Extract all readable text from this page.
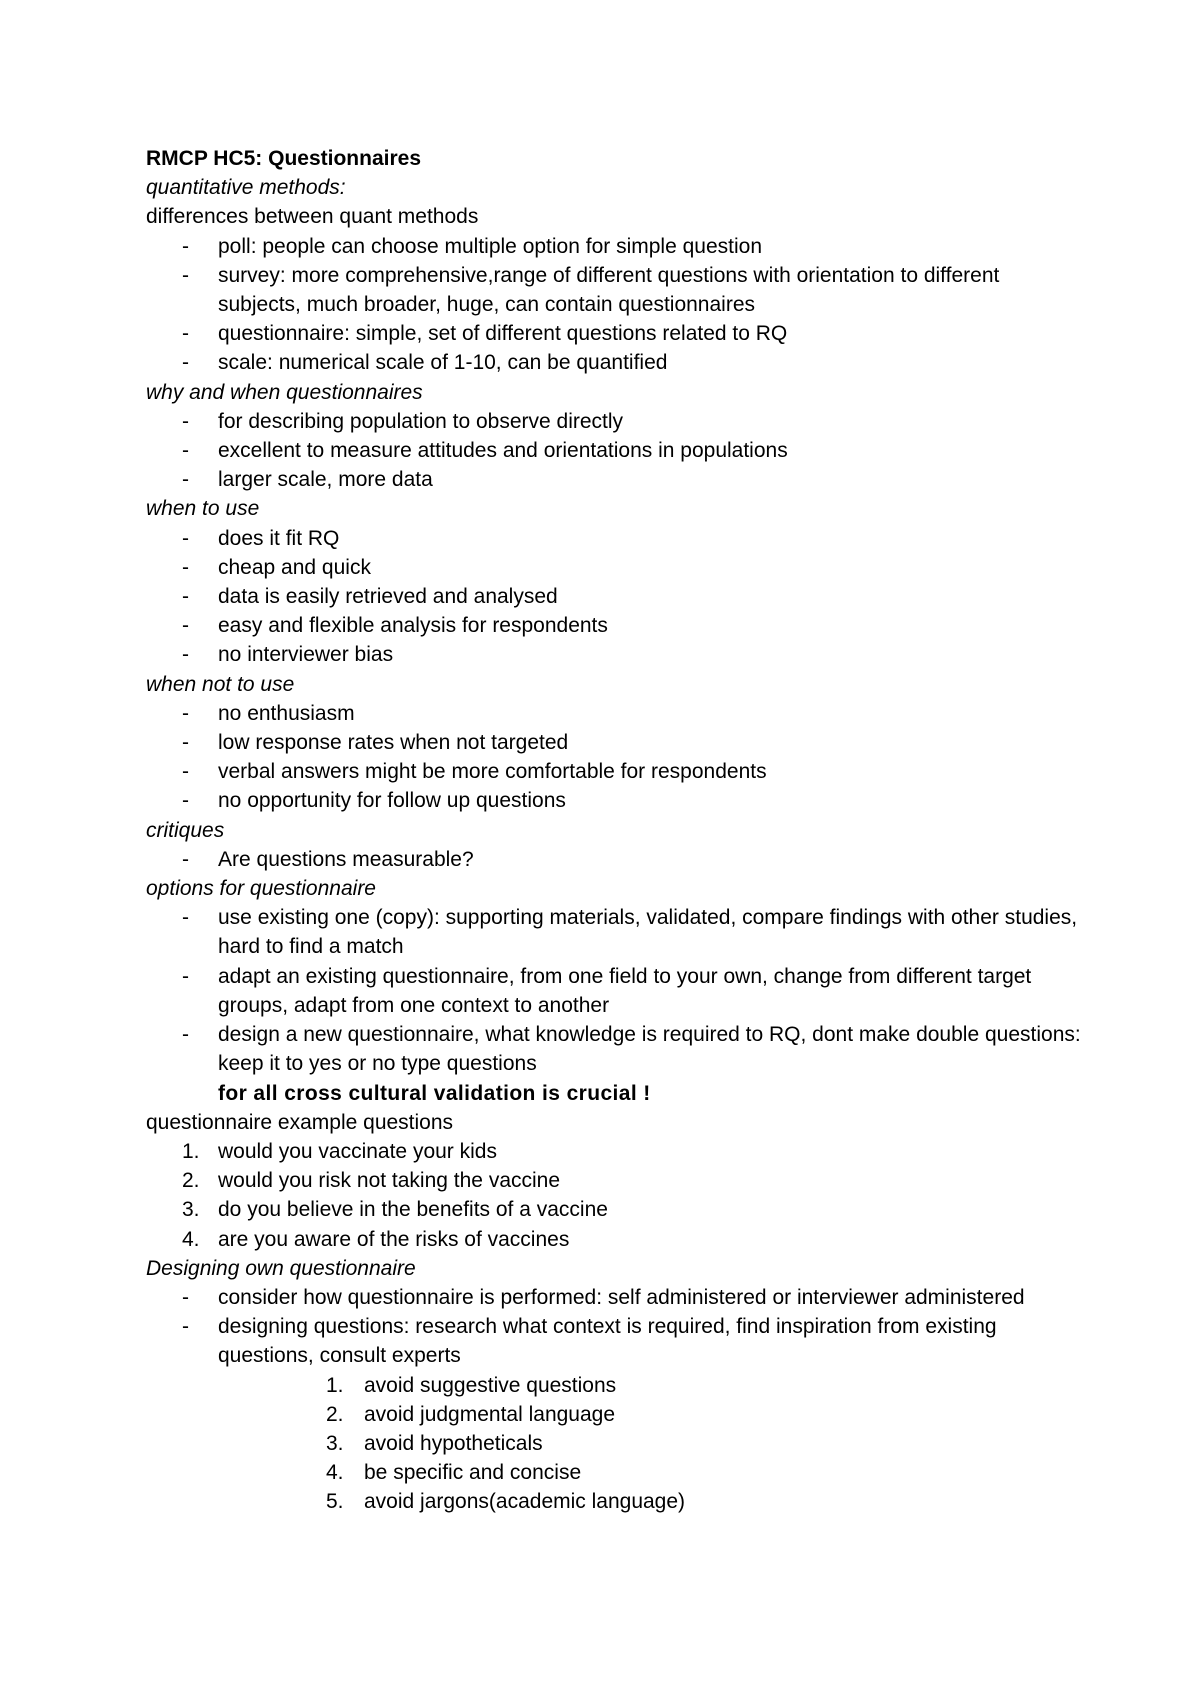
RMCP HC5: Questionnaires
quantitative methods:
differences between quant methods
-	poll: people can choose multiple option for simple question
-	survey: more comprehensive,range of different questions with orientation to different subjects, much broader, huge, can contain questionnaires
-	questionnaire: simple, set of different questions related to RQ
-	scale: numerical scale of 1-10, can be quantified
why and when questionnaires
-	for describing population to observe directly
-	excellent to measure attitudes and orientations in populations
-	larger scale, more data
when to use
-	does it fit RQ
-	cheap and quick
-	data is easily retrieved and analysed
-	easy and flexible analysis for respondents
-	no interviewer bias
when not to use
-	no enthusiasm
-	low response rates when not targeted
-	verbal answers might be more comfortable for respondents
-	no opportunity for follow up questions
critiques
-	Are questions measurable?
options for questionnaire
-	use existing one (copy): supporting materials, validated, compare findings with other studies, hard to find a match
-	adapt an existing questionnaire, from one field to your own, change from different target groups, adapt from one context to another
-	design a new questionnaire, what knowledge is required to RQ, dont make double questions: keep it to yes or no type questions
for all cross cultural validation is crucial !
questionnaire example questions
1. would you vaccinate your kids
2. would you risk not taking the vaccine
3. do you believe in the benefits of a vaccine
4. are you aware of the risks of vaccines
Designing own questionnaire
-	consider how questionnaire is performed: self administered or interviewer administered
-	designing questions: research what context is required, find inspiration from existing questions, consult experts
1. avoid suggestive questions
2. avoid judgmental language
3. avoid hypotheticals
4. be specific and concise
5. avoid jargons(academic language)
